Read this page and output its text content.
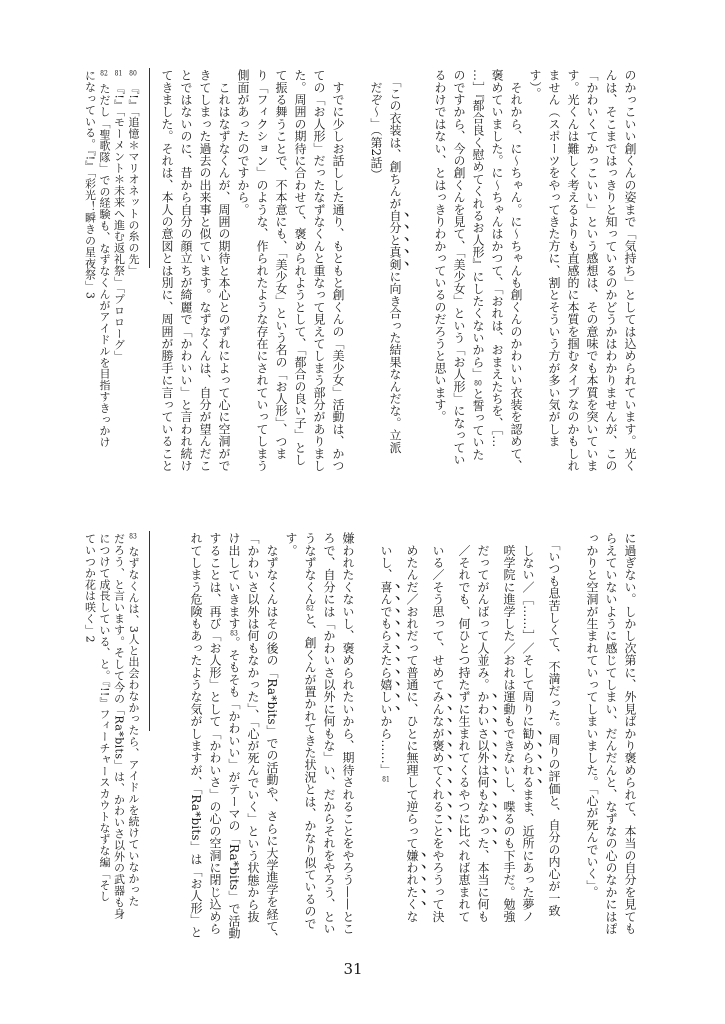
のかっこいい創くんの姿まで「気持ち」としては込められています。光く
んは、そこまではっきりと知っているのかどうかはわかりませんが、この
「かわいくてかっこいい」という感想は、その意味でも本質を突いていま
す。光くんは難しく考えるよりも直感的に本質を掴むタイプなのかもしれ
ません（スポーツをやってきた方に、割とそういう方が多い気がしま
す）。
　それから、に～ちゃん。に～ちゃんも創くんのかわいい衣装を認めて、
褒めていました。に～ちゃんはかつて、「おれは、おまえたちを、［…
…］『都合良く慰めてくれるお人形』にしたくないから」80と誓っていた
のですから、今の創くんを見て、「美少女」という「お人形」になってい
るわけではない、とはっきりわかっているのだろうと思います。
　「この衣装は、創ちんが自分と真剣に向き合った結果なんだな。立派
　だぞ～」（第2話）
　すでに少しお話しした通り、もともと創くんの「美少女」活動は、かつ
ての「お人形」だったなずなくんと重なって見えてしまう部分がありまし
た。周囲の期待に合わせて、褒められようとして、「都合の良い子」とし
て振る舞うことで、不本意にも、「美少女」という名の「お人形」、つま
り「フィクション」のような、作られたような存在にされていってしまう
側面があったのですから。
　これはなずなくんが、周囲の期待と本心とのずれによって心に空洞がで
きてしまった過去の出来事と似ています。なずなくんは、自分が望んだこ
とではないのに、昔から自分の顔立ちが綺麗で「かわいい」と言われ続け
てきました。それは、本人の意図とは別に、周囲が勝手に言っていること
80『!』「追憶＊マリオネットの糸の先」
81『!』「モーメント＊未来へ進む返礼祭」「プロローグ」
82ただし「聖歌隊」での経験も、なずなくんがアイドルを目指すきっかけ
になっている。『!』「彩光！瞬きの星夜祭」3
に過ぎない。しかし次第に、外見ばかり褒められて、本当の自分を見ても
らえていないように感じてしまい、だんだんと、なずなの心のなかにはぽ
っかりと空洞が生まれていってしまいました。「心が死んでいく」。
　「いつも息苦しくて、不満だった。周りの評価と、自分の内心が一致
　しない／［……］／そして周りに勧められるまま、近所にあった夢ノ
　咲学院に進学した／おれは運動もできないし、喋るのも下手だ。勉強
　だってがんばって人並み。かわいさ以外は何もなかった、本当に何も
　／それでも、何ひとつ持たずに生まれてくるやつに比べれば恵まれて
　いる／そう思って、せめてみんなが褒めてくれることをやろうって決
　めたんだ／おれだって普通に、ひとに無理して逆らって嫌われたくな
　いし、喜んでもらえたら嬉しいから……」81
嫌われたくないし、褒められたいから、期待されることをやろう——とこ
ろで、自分には「かわいさ以外に何もな」い、だからそれをやろう、とい
うなずなくん82と、創くんが置かれてきた状況とは、かなり似ているので
す。
　なずなくんはその後の「Ra*bits」での活動や、さらに大学進学を経て、
「かわいさ以外は何もなかった」、「心が死んでいく」という状態から抜
け出していきます83。そもそも「かわいい」がテーマの「Ra*bits」で活動
することは、再び「お人形」として「かわいさ」の心の空洞に閉じ込めら
れてしまう危険もあったような気がしますが、「Ra*bits」は「お人形」と
83なずなくんは、3人と出会わなかったら、アイドルを続けていなかった
だろう、と言います。そして今の「Ra*bits」は、かわいさ以外の武器も身
につけて成長している、と。『!!』フィーチャースカウトなずな編「そし
ていつか花は咲く」2
31
